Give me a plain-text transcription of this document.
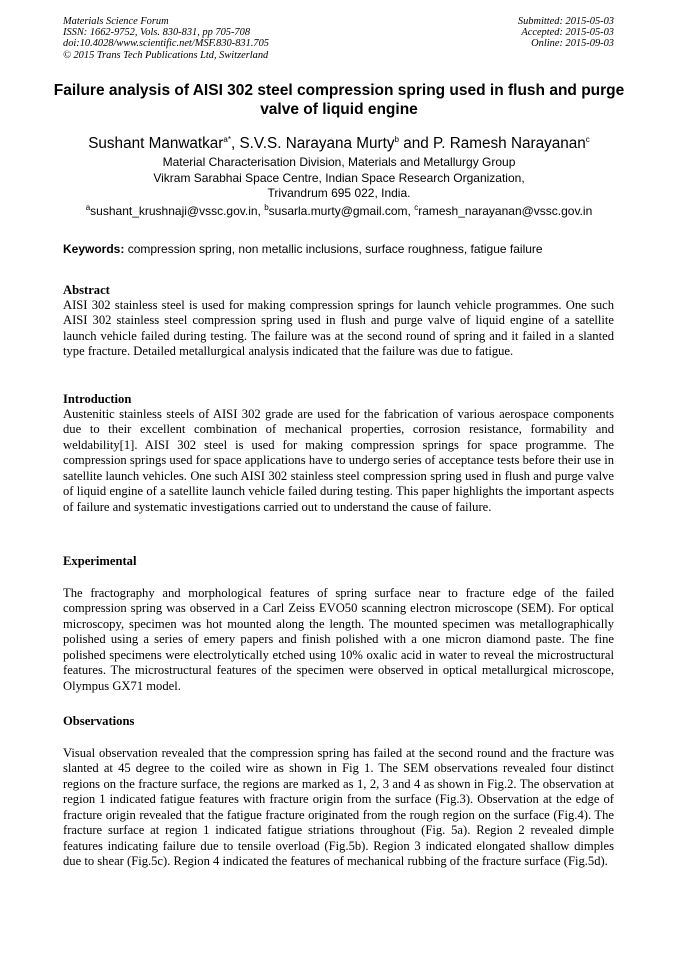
Materials Science Forum
ISSN: 1662-9752, Vols. 830-831, pp 705-708
doi:10.4028/www.scientific.net/MSF.830-831.705
© 2015 Trans Tech Publications Ltd, Switzerland
Submitted: 2015-05-03
Accepted: 2015-05-03
Online: 2015-09-03
Failure analysis of AISI 302 steel compression spring used in flush and purge valve of liquid engine
Sushant Manwatkar$^{a*}$, S.V.S. Narayana Murty$^b$ and P. Ramesh Narayanan$^c$
Material Characterisation Division, Materials and Metallurgy Group
Vikram Sarabhai Space Centre, Indian Space Research Organization,
Trivandrum 695 022, India.
$^a$sushant_krushnaji@vssc.gov.in, $^b$susarla.murty@gmail.com, $^c$ramesh_narayanan@vssc.gov.in
Keywords: compression spring, non metallic inclusions, surface roughness, fatigue failure
Abstract
AISI 302 stainless steel is used for making compression springs for launch vehicle programmes. One such AISI 302 stainless steel compression spring used in flush and purge valve of liquid engine of a satellite launch vehicle failed during testing. The failure was at the second round of spring and it failed in a slanted type fracture. Detailed metallurgical analysis indicated that the failure was due to fatigue.
Introduction
Austenitic stainless steels of AISI 302 grade are used for the fabrication of various aerospace components due to their excellent combination of mechanical properties, corrosion resistance, formability and weldability[1]. AISI 302 steel is used for making compression springs for space programme. The compression springs used for space applications have to undergo series of acceptance tests before their use in satellite launch vehicles. One such AISI 302 stainless steel compression spring used in flush and purge valve of liquid engine of a satellite launch vehicle failed during testing. This paper highlights the important aspects of failure and systematic investigations carried out to understand the cause of failure.
Experimental
The fractography and morphological features of spring surface near to fracture edge of the failed compression spring was observed in a Carl Zeiss EVO50 scanning electron microscope (SEM). For optical microscopy, specimen was hot mounted along the length. The mounted specimen was metallographically polished using a series of emery papers and finish polished with a one micron diamond paste. The fine polished specimens were electrolytically etched using 10% oxalic acid in water to reveal the microstructural features. The microstructural features of the specimen were observed in optical metallurgical microscope, Olympus GX71 model.
Observations
Visual observation revealed that the compression spring has failed at the second round and the fracture was slanted at 45 degree to the coiled wire as shown in Fig 1. The SEM observations revealed four distinct regions on the fracture surface, the regions are marked as 1, 2, 3 and 4 as shown in Fig.2. The observation at region 1 indicated fatigue features with fracture origin from the surface (Fig.3). Observation at the edge of fracture origin revealed that the fatigue fracture originated from the rough region on the surface (Fig.4). The fracture surface at region 1 indicated fatigue striations throughout (Fig. 5a). Region 2 revealed dimple features indicating failure due to tensile overload (Fig.5b). Region 3 indicated elongated shallow dimples due to shear (Fig.5c). Region 4 indicated the features of mechanical rubbing of the fracture surface (Fig.5d).
